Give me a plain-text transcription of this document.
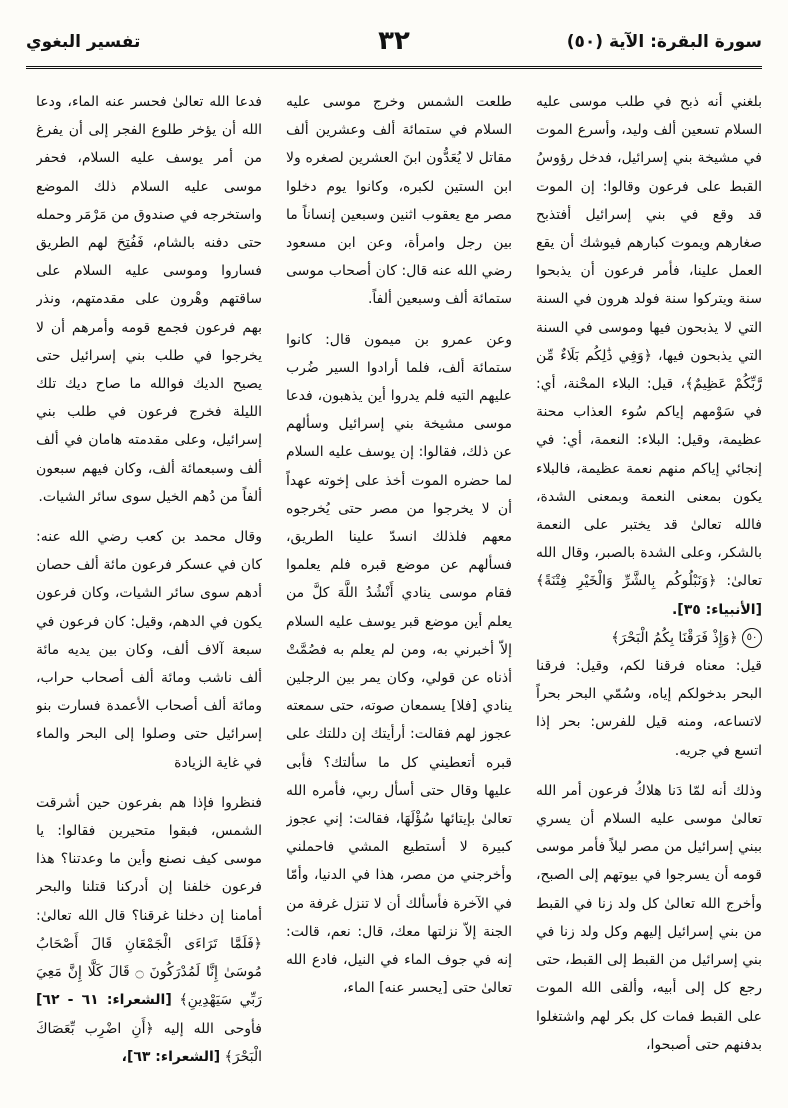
سورة البقرة: الآية (٥٠)
٣٢
تفسير البغوي

بلغني أنه ذبح في طلب موسى عليه السلام تسعين ألف وليد، وأسرع الموت في مشيخة بني إسرائيل، فدخل رؤوسُ القبط على فرعون وقالوا: إن الموت قد وقع في بني إسرائيل أفتذبح صغارهم ويموت كبارهم فيوشك أن يقع العمل علينا، فأمر فرعون أن يذبحوا سنة ويتركوا سنة فولد هرون في السنة التي لا يذبحون فيها وموسى في السنة التي يذبحون فيها، ﴿وَفِي ذَٰلِكُم بَلَاءٌ مِّن رَّبِّكُمْ عَظِيمٌ﴾، قيل: البلاء المحْنة، أي: في سَوْمهم إياكم سُوء العذاب محنة عظيمة، وقيل: البلاء: النعمة، أي: في إنجائي إياكم منهم نعمة عظيمة، فالبلاء يكون بمعنى النعمة وبمعنى الشدة، فالله تعالىٰ قد يختبر على النعمة بالشكر، وعلى الشدة بالصبر، وقال الله تعالىٰ: ﴿وَنَبْلُوكُم بِالشَّرِّ وَالْخَيْرِ فِتْنَةً﴾ [الأنبياء: ٣٥].

٥٠ ﴿وَإِذْ فَرَقْنَا بِكُمُ الْبَحْرَ﴾

قيل: معناه فرقنا لكم، وقيل: فرقنا البحر بدخولكم إياه، وسُمّي البحر بحراً لاتساعه، ومنه قيل للفرس: بحر إذا اتسع في جريه.

وذلك أنه لمّا دَنا هلاكُ فرعون أمر الله تعالىٰ موسى عليه السلام أن يسري ببني إسرائيل من مصر ليلاً فأمر موسى قومه أن يسرجوا في بيوتهم إلى الصبح، وأخرج الله تعالىٰ كل ولد زنا في القبط من بني إسرائيل إليهم وكل ولد زنا في بني إسرائيل من القبط إلى القبط، حتى رجع كل إلى أبيه، وألقى الله الموت على القبط فمات كل بكر لهم واشتغلوا بدفنهم حتى أصبحوا،

طلعت الشمس وخرج موسى عليه السلام في ستمائة ألف وعشرين ألف مقاتل لا يُعَدُّون ابنَ العشرين لصغره ولا ابن الستين لكبره، وكانوا يوم دخلوا مصر مع يعقوب اثنين وسبعين إنساناً ما بين رجل وامرأة، وعن ابن مسعود رضي الله عنه قال: كان أصحاب موسى ستمائة ألف وسبعين ألفاً.

وعن عمرو بن ميمون قال: كانوا ستمائة ألف، فلما أرادوا السير ضُرب عليهم التيه فلم يدروا أين يذهبون، فدعا موسى مشيخة بني إسرائيل وسألهم عن ذلك، فقالوا: إن يوسف عليه السلام لما حضره الموت أخذ على إخوته عهداً أن لا يخرجوا من مصر حتى يُخرجوه معهم فلذلك انسدّ علينا الطريق، فسألهم عن موضع قبره فلم يعلموا فقام موسى ينادي أَنْشُدُ اللَّهَ كلَّ من يعلم أين موضع قبر يوسف عليه السلام إلاّ أخبرني به، ومن لم يعلم به فصُمَّتْ أذناه عن قولي، وكان يمر بين الرجلين ينادي [فلا] يسمعان صوته، حتى سمعته عجوز لهم فقالت: أرأيتك إن دللتك على قبره أتعطيني كل ما سألتك؟ فأبى عليها وقال حتى أسأل ربي، فأمره الله تعالىٰ بإيتائها سُؤْلَهَا، فقالت: إني عجوز كبيرة لا أستطيع المشي فاحملني وأخرجني من مصر، هذا في الدنيا، وأمّا في الآخرة فأسألك أن لا تنزل غرفة من الجنة إلاّ نزلتها معك، قال: نعم، قالت: إنه في جوف الماء في النيل، فادع الله تعالىٰ حتى [يحسر عنه] الماء،

فدعا الله تعالىٰ فحسر عنه الماء، ودعا الله أن يؤخر طلوع الفجر إلى أن يفرغ من أمر يوسف عليه السلام، فحفر موسى عليه السلام ذلك الموضع واستخرجه في صندوق من مَرْمَر وحمله حتى دفنه بالشام، فَفُتِحَ لهم الطريق فساروا وموسى عليه السلام على ساقتهم وهْرون على مقدمتهم، ونذر بهم فرعون فجمع قومه وأمرهم أن لا يخرجوا في طلب بني إسرائيل حتى يصيح الديك فوالله ما صاح ديك تلك الليلة فخرج فرعون في طلب بني إسرائيل، وعلى مقدمته هامان في ألف ألف وسبعمائة ألف، وكان فيهم سبعون ألفاً من دُهم الخيل سوى سائر الشيات.

وقال محمد بن كعب رضي الله عنه: كان في عسكر فرعون مائة ألف حصان أدهم سوى سائر الشيات، وكان فرعون يكون في الدهم، وقيل: كان فرعون في سبعة آلاف ألف، وكان بين يديه مائة ألف ناشب ومائة ألف أصحاب حراب، ومائة ألف أصحاب الأعمدة فسارت بنو إسرائيل حتى وصلوا إلى البحر والماء في غاية الزيادة

فنظروا فإذا هم بفرعون حين أشرقت الشمس، فبقوا متحيرين فقالوا: يا موسى كيف نصنع وأين ما وعدتنا؟ هذا فرعون خلفنا إن أدركنا قتلنا والبحر أمامنا إن دخلنا غرقنا؟ قال الله تعالىٰ: ﴿فَلَمَّا تَرَاءَى الْجَمْعَانِ قَالَ أَصْحَابُ مُوسَىٰ إِنَّا لَمُدْرَكُونَ ۝ قَالَ كَلَّا إِنَّ مَعِيَ رَبِّي سَيَهْدِينِ﴾ [الشعراء: ٦١ - ٦٢] فأوحى الله إليه ﴿أَنِ اضْرِب بِّعَصَاكَ الْبَحْرَ﴾ [الشعراء: ٦٣]،
